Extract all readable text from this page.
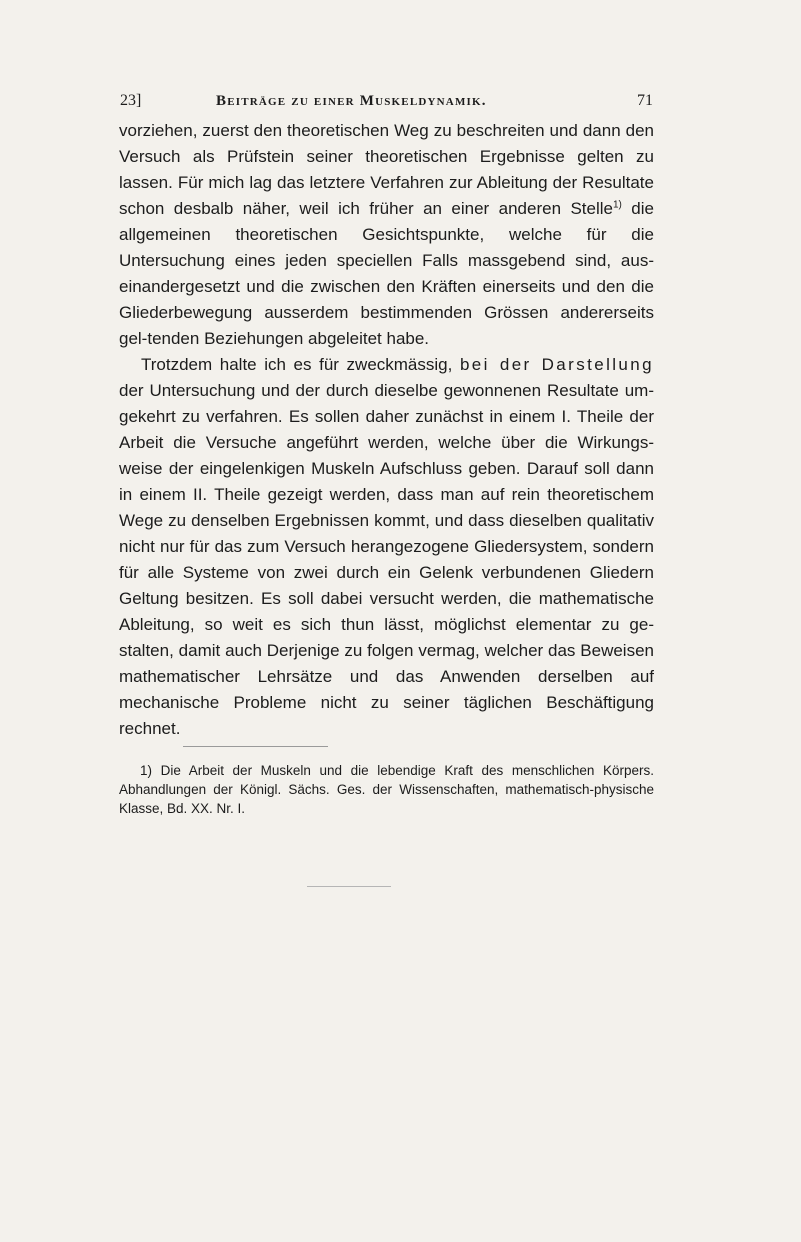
23]	Beiträge zu einer Muskeldynamik.	71

vorziehen, zuerst den theoretischen Weg zu beschreiten und dann den Versuch als Prüfstein seiner theoretischen Ergebnisse gelten zu lassen. Für mich lag das letztere Verfahren zur Ableitung der Resultate schon desbalb näher, weil ich früher an einer anderen Stelle$^{1)}$ die allgemeinen theoretischen Gesichtspunkte, welche für die Untersuchung eines jeden speciellen Falls massgebend sind, aus-einandergesetzt und die zwischen den Kräften einerseits und den die Gliederbewegung ausserdem bestimmenden Grössen andererseits gel-tenden Beziehungen abgeleitet habe.

Trotzdem halte ich es für zweckmässig, bei der Darstellung der Untersuchung und der durch dieselbe gewonnenen Resultate um-gekehrt zu verfahren. Es sollen daher zunächst in einem I. Theile der Arbeit die Versuche angeführt werden, welche über die Wirkungs-weise der eingelenkigen Muskeln Aufschluss geben. Darauf soll dann in einem II. Theile gezeigt werden, dass man auf rein theoretischem Wege zu denselben Ergebnissen kommt, und dass dieselben qualitativ nicht nur für das zum Versuch herangezogene Gliedersystem, sondern für alle Systeme von zwei durch ein Gelenk verbundenen Gliedern Geltung besitzen. Es soll dabei versucht werden, die mathematische Ableitung, so weit es sich thun lässt, möglichst elementar zu ge-stalten, damit auch Derjenige zu folgen vermag, welcher das Beweisen mathematischer Lehrsätze und das Anwenden derselben auf mechanische Probleme nicht zu seiner täglichen Beschäftigung rechnet.

1) Die Arbeit der Muskeln und die lebendige Kraft des menschlichen Körpers. Abhandlungen der Königl. Sächs. Ges. der Wissenschaften, mathematisch-physische Klasse, Bd. XX. Nr. I.
